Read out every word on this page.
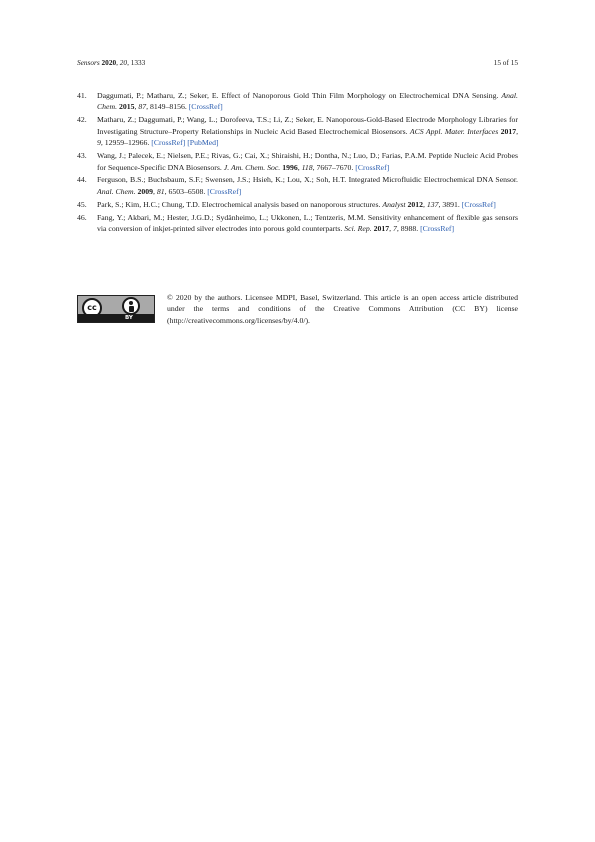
Sensors 2020, 20, 1333	15 of 15
41. Daggumati, P.; Matharu, Z.; Seker, E. Effect of Nanoporous Gold Thin Film Morphology on Electrochemical DNA Sensing. Anal. Chem. 2015, 87, 8149–8156. [CrossRef]
42. Matharu, Z.; Daggumati, P.; Wang, L.; Dorofeeva, T.S.; Li, Z.; Seker, E. Nanoporous-Gold-Based Electrode Morphology Libraries for Investigating Structure–Property Relationships in Nucleic Acid Based Electrochemical Biosensors. ACS Appl. Mater. Interfaces 2017, 9, 12959–12966. [CrossRef] [PubMed]
43. Wang, J.; Palecek, E.; Nielsen, P.E.; Rivas, G.; Cai, X.; Shiraishi, H.; Dontha, N.; Luo, D.; Farias, P.A.M. Peptide Nucleic Acid Probes for Sequence-Specific DNA Biosensors. J. Am. Chem. Soc. 1996, 118, 7667–7670. [CrossRef]
44. Ferguson, B.S.; Buchsbaum, S.F.; Swensen, J.S.; Hsieh, K.; Lou, X.; Soh, H.T. Integrated Microfluidic Electrochemical DNA Sensor. Anal. Chem. 2009, 81, 6503–6508. [CrossRef]
45. Park, S.; Kim, H.C.; Chung, T.D. Electrochemical analysis based on nanoporous structures. Analyst 2012, 137, 3891. [CrossRef]
46. Fang, Y.; Akbari, M.; Hester, J.G.D.; Sydänheimo, L.; Ukkonen, L.; Tentzeris, M.M. Sensitivity enhancement of flexible gas sensors via conversion of inkjet-printed silver electrodes into porous gold counterparts. Sci. Rep. 2017, 7, 8988. [CrossRef]
cc
BY
© 2020 by the authors. Licensee MDPI, Basel, Switzerland. This article is an open access article distributed under the terms and conditions of the Creative Commons Attribution (CC BY) license (http://creativecommons.org/licenses/by/4.0/).
